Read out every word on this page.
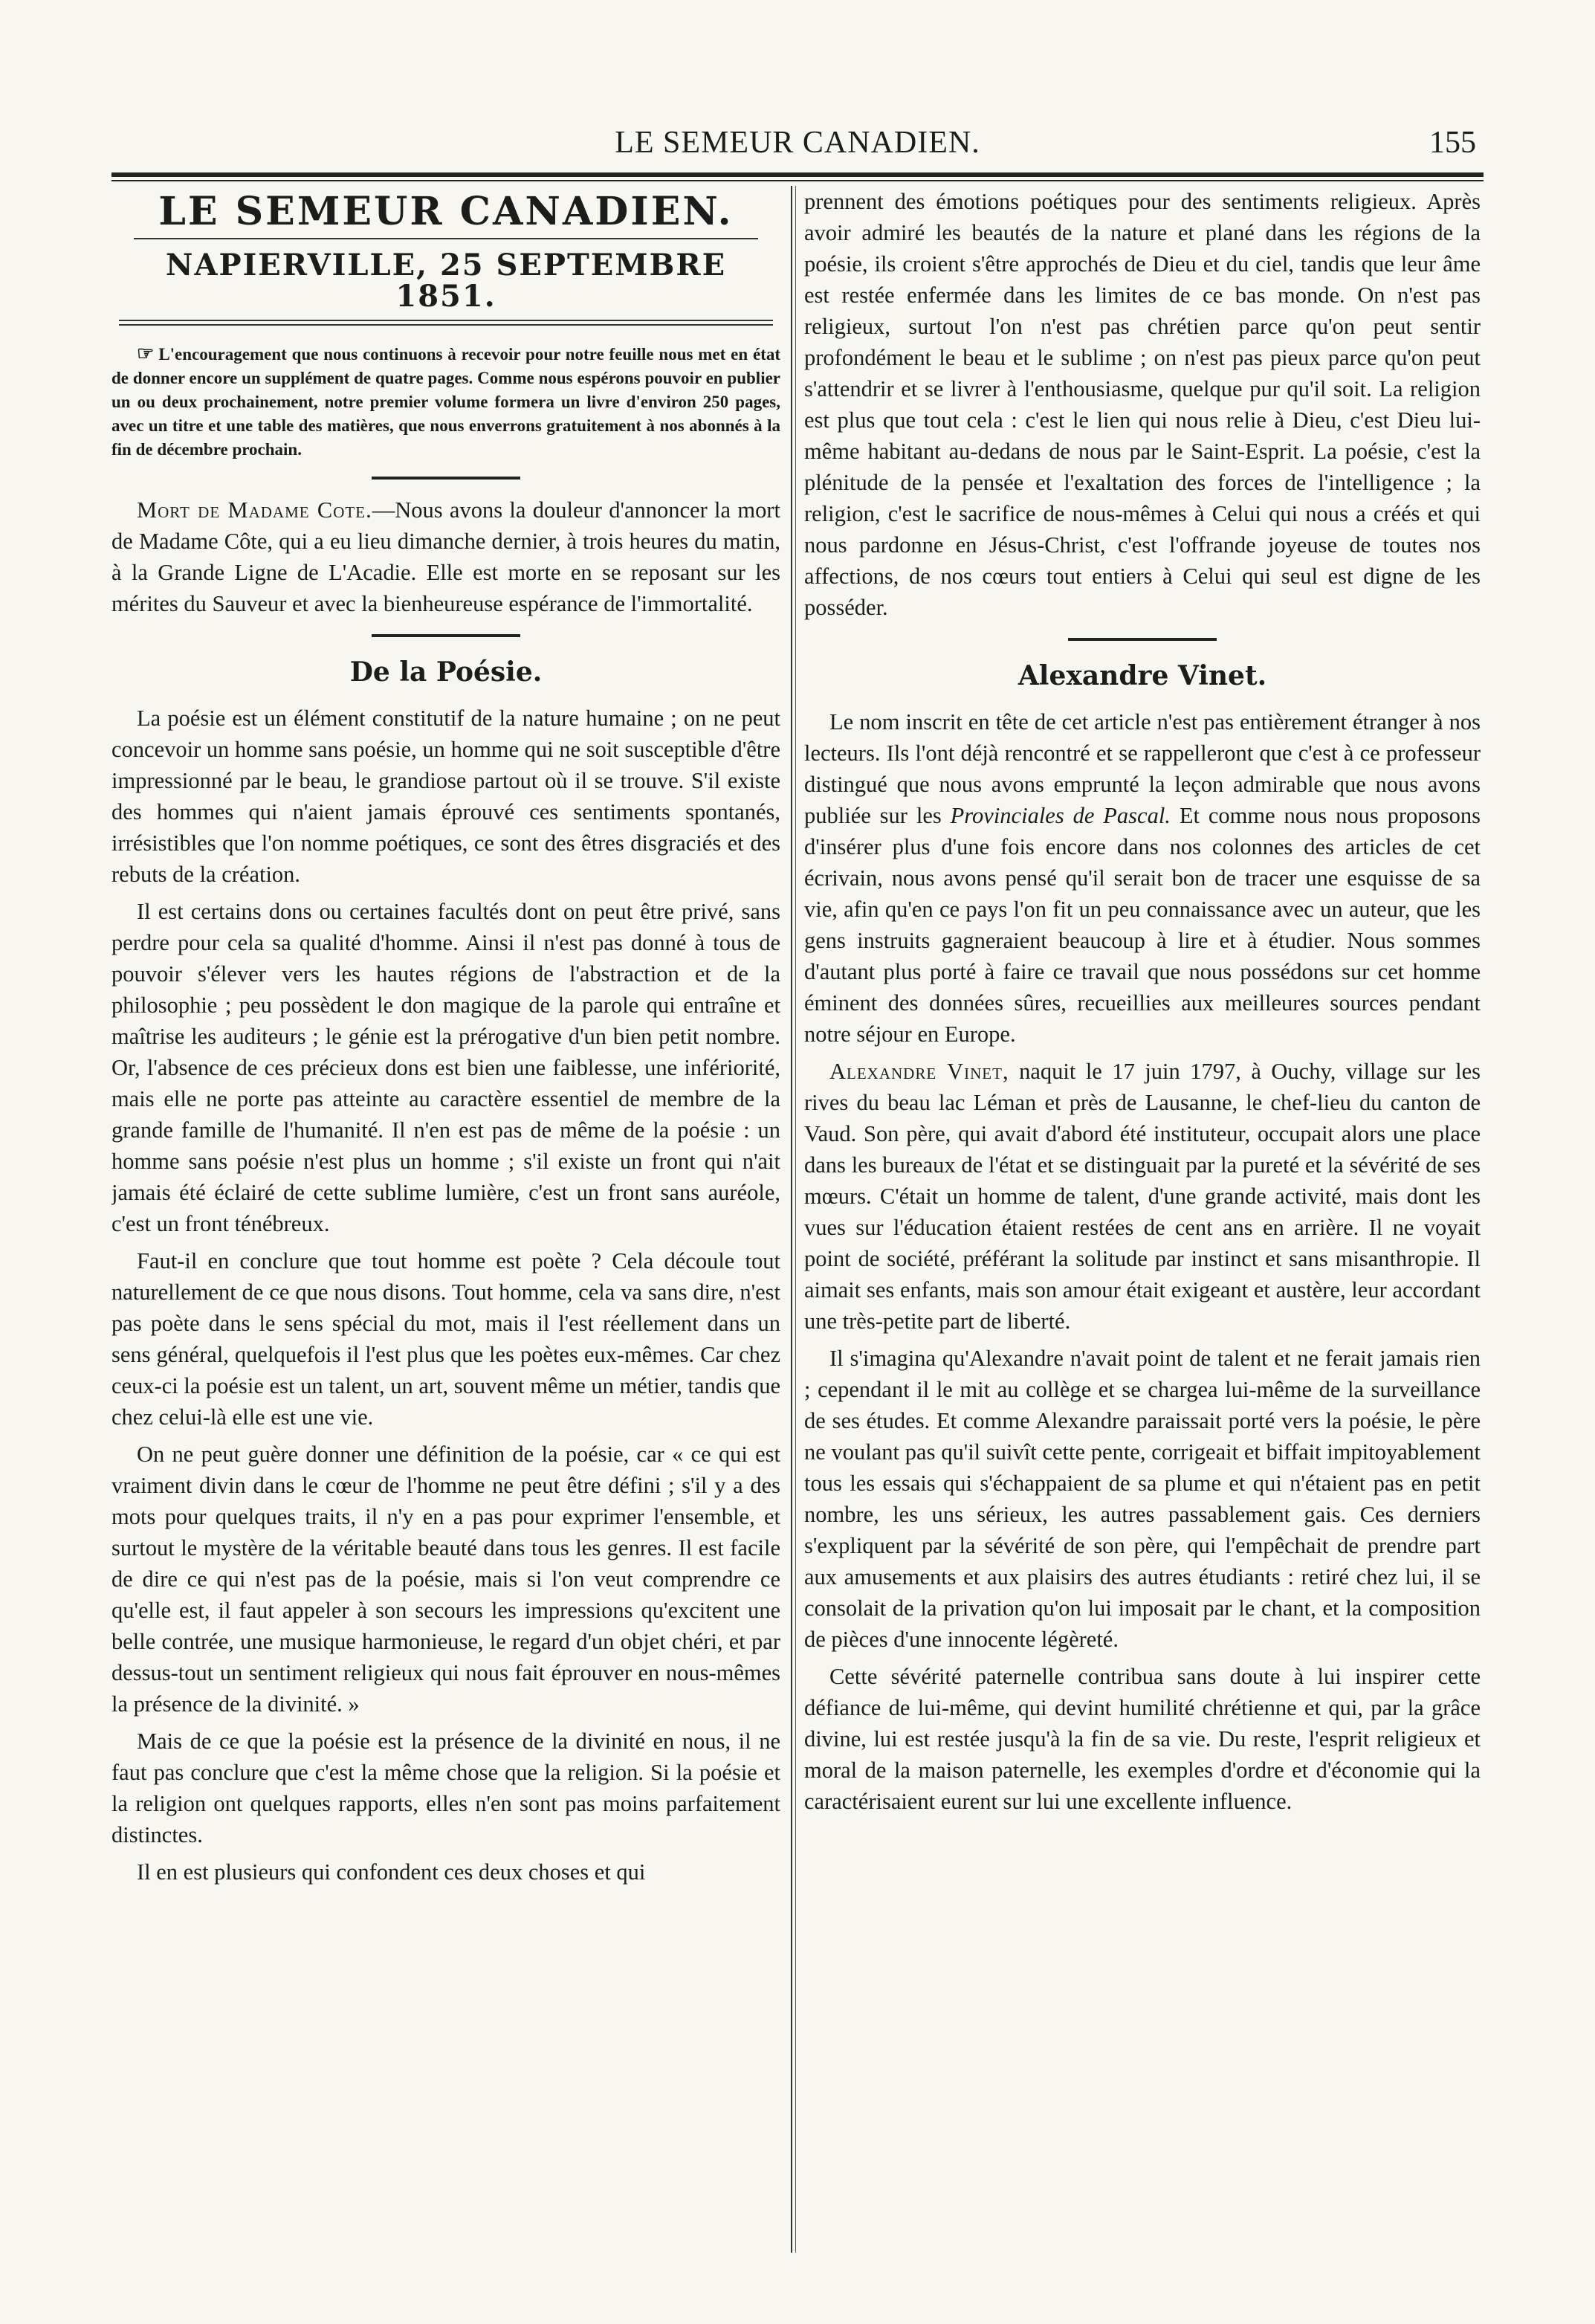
LE SEMEUR CANADIEN.	155
LE SEMEUR CANADIEN.
NAPIERVILLE, 25 SEPTEMBRE 1851.

☞ L'encouragement que nous continuons à recevoir pour notre feuille nous met en état de donner encore un supplément de quatre pages. Comme nous espérons pouvoir en publier un ou deux prochainement, notre premier volume formera un livre d'environ 250 pages, avec un titre et une table des matières, que nous enverrons gratuitement à nos abonnés à la fin de décembre prochain.

Mort de Madame Cote.—Nous avons la douleur d'annoncer la mort de Madame Côte, qui a eu lieu dimanche dernier, à trois heures du matin, à la Grande Ligne de L'Acadie. Elle est morte en se reposant sur les mérites du Sauveur et avec la bienheureuse espérance de l'immortalité.

De la Poésie.

La poésie est un élément constitutif de la nature humaine ; on ne peut concevoir un homme sans poésie, un homme qui ne soit susceptible d'être impressionné par le beau, le grandiose partout où il se trouve. S'il existe des hommes qui n'aient jamais éprouvé ces sentiments spontanés, irrésistibles que l'on nomme poétiques, ce sont des êtres disgraciés et des rebuts de la création.

Il est certains dons ou certaines facultés dont on peut être privé, sans perdre pour cela sa qualité d'homme. Ainsi il n'est pas donné à tous de pouvoir s'élever vers les hautes régions de l'abstraction et de la philosophie ; peu possèdent le don magique de la parole qui entraîne et maîtrise les auditeurs ; le génie est la prérogative d'un bien petit nombre. Or, l'absence de ces précieux dons est bien une faiblesse, une infériorité, mais elle ne porte pas atteinte au caractère essentiel de membre de la grande famille de l'humanité. Il n'en est pas de même de la poésie : un homme sans poésie n'est plus un homme ; s'il existe un front qui n'ait jamais été éclairé de cette sublime lumière, c'est un front sans auréole, c'est un front ténébreux.

Faut-il en conclure que tout homme est poète ? Cela découle tout naturellement de ce que nous disons. Tout homme, cela va sans dire, n'est pas poète dans le sens spécial du mot, mais il l'est réellement dans un sens général, quelquefois il l'est plus que les poètes eux-mêmes. Car chez ceux-ci la poésie est un talent, un art, souvent même un métier, tandis que chez celui-là elle est une vie.

On ne peut guère donner une définition de la poésie, car « ce qui est vraiment divin dans le cœur de l'homme ne peut être défini ; s'il y a des mots pour quelques traits, il n'y en a pas pour exprimer l'ensemble, et surtout le mystère de la véritable beauté dans tous les genres. Il est facile de dire ce qui n'est pas de la poésie, mais si l'on veut comprendre ce qu'elle est, il faut appeler à son secours les impressions qu'excitent une belle contrée, une musique harmonieuse, le regard d'un objet chéri, et par dessus-tout un sentiment religieux qui nous fait éprouver en nous-mêmes la présence de la divinité. »

Mais de ce que la poésie est la présence de la divinité en nous, il ne faut pas conclure que c'est la même chose que la religion. Si la poésie et la religion ont quelques rapports, elles n'en sont pas moins parfaitement distinctes.

Il en est plusieurs qui confondent ces deux choses et qui

prennent des émotions poétiques pour des sentiments religieux. Après avoir admiré les beautés de la nature et plané dans les régions de la poésie, ils croient s'être approchés de Dieu et du ciel, tandis que leur âme est restée enfermée dans les limites de ce bas monde. On n'est pas religieux, surtout l'on n'est pas chrétien parce qu'on peut sentir profondément le beau et le sublime ; on n'est pas pieux parce qu'on peut s'attendrir et se livrer à l'enthousiasme, quelque pur qu'il soit. La religion est plus que tout cela : c'est le lien qui nous relie à Dieu, c'est Dieu lui-même habitant au-dedans de nous par le Saint-Esprit. La poésie, c'est la plénitude de la pensée et l'exaltation des forces de l'intelligence ; la religion, c'est le sacrifice de nous-mêmes à Celui qui nous a créés et qui nous pardonne en Jésus-Christ, c'est l'offrande joyeuse de toutes nos affections, de nos cœurs tout entiers à Celui qui seul est digne de les posséder.

Alexandre Vinet.

Le nom inscrit en tête de cet article n'est pas entièrement étranger à nos lecteurs. Ils l'ont déjà rencontré et se rappelleront que c'est à ce professeur distingué que nous avons emprunté la leçon admirable que nous avons publiée sur les Provinciales de Pascal. Et comme nous nous proposons d'insérer plus d'une fois encore dans nos colonnes des articles de cet écrivain, nous avons pensé qu'il serait bon de tracer une esquisse de sa vie, afin qu'en ce pays l'on fit un peu connaissance avec un auteur, que les gens instruits gagneraient beaucoup à lire et à étudier. Nous sommes d'autant plus porté à faire ce travail que nous possédons sur cet homme éminent des données sûres, recueillies aux meilleures sources pendant notre séjour en Europe.

Alexandre Vinet, naquit le 17 juin 1797, à Ouchy, village sur les rives du beau lac Léman et près de Lausanne, le chef-lieu du canton de Vaud. Son père, qui avait d'abord été instituteur, occupait alors une place dans les bureaux de l'état et se distinguait par la pureté et la sévérité de ses mœurs. C'était un homme de talent, d'une grande activité, mais dont les vues sur l'éducation étaient restées de cent ans en arrière. Il ne voyait point de société, préférant la solitude par instinct et sans misanthropie. Il aimait ses enfants, mais son amour était exigeant et austère, leur accordant une très-petite part de liberté.

Il s'imagina qu'Alexandre n'avait point de talent et ne ferait jamais rien ; cependant il le mit au collège et se chargea lui-même de la surveillance de ses études. Et comme Alexandre paraissait porté vers la poésie, le père ne voulant pas qu'il suivît cette pente, corrigeait et biffait impitoyablement tous les essais qui s'échappaient de sa plume et qui n'étaient pas en petit nombre, les uns sérieux, les autres passablement gais. Ces derniers s'expliquent par la sévérité de son père, qui l'empêchait de prendre part aux amusements et aux plaisirs des autres étudiants : retiré chez lui, il se consolait de la privation qu'on lui imposait par le chant, et la composition de pièces d'une innocente légèreté.

Cette sévérité paternelle contribua sans doute à lui inspirer cette défiance de lui-même, qui devint humilité chrétienne et qui, par la grâce divine, lui est restée jusqu'à la fin de sa vie. Du reste, l'esprit religieux et moral de la maison paternelle, les exemples d'ordre et d'économie qui la caractérisaient eurent sur lui une excellente influence.
